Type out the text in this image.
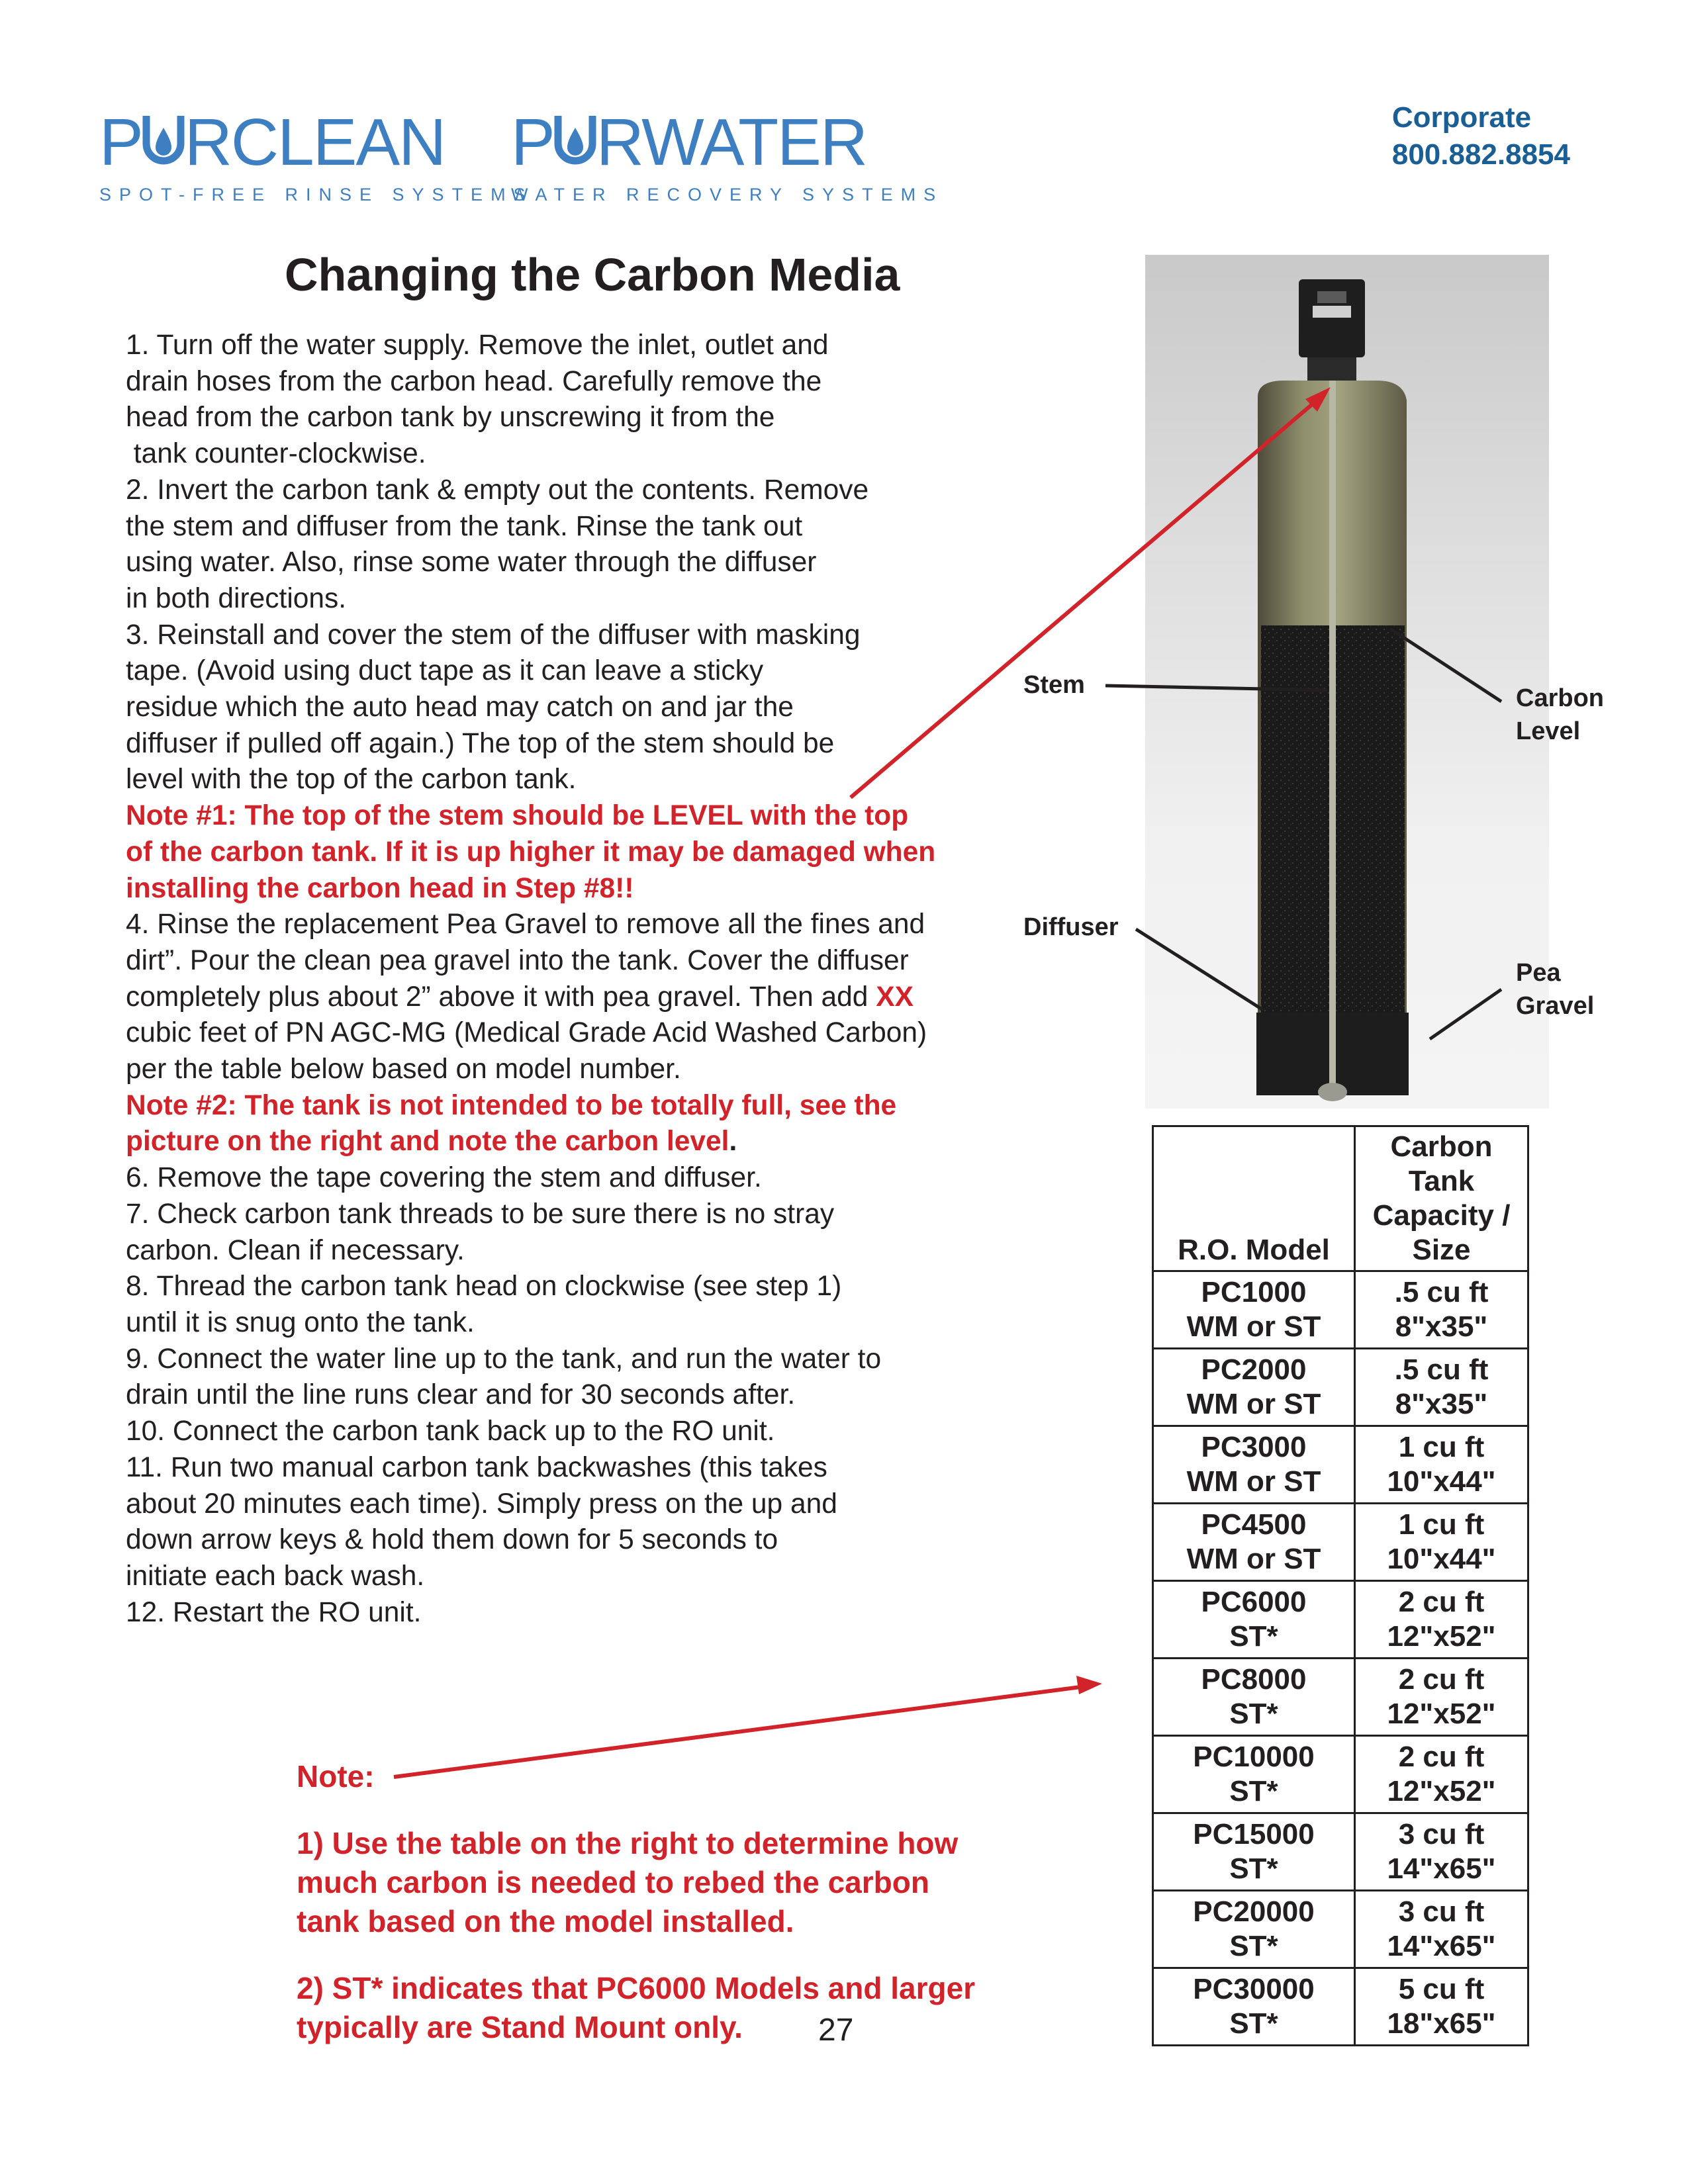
P RCLEAN
SPOT-FREE RINSE SYSTEMS
P RWATER
WATER RECOVERY SYSTEMS
Corporate
800.882.8854
Changing the Carbon Media

1. Turn off the water supply. Remove the inlet, outlet and

drain hoses from the carbon head. Carefully remove the

head from the carbon tank by unscrewing it from the

tank counter-clockwise.

2. Invert the carbon tank & empty out the contents. Remove

the stem and diffuser from the tank. Rinse the tank out

using water. Also, rinse some water through the diffuser

in both directions.

3. Reinstall and cover the stem of the diffuser with masking

tape. (Avoid using duct tape as it can leave a sticky

residue which the auto head may catch on and jar the

diffuser if pulled off again.) The top of the stem should be

level with the top of the carbon tank.

Note #1: The top of the stem should be LEVEL with the top

of the carbon tank. If it is up higher it may be damaged when

installing the carbon head in Step #8!!

4. Rinse the replacement Pea Gravel to remove all the fines and

dirt”. Pour the clean pea gravel into the tank. Cover the diffuser

completely plus about 2” above it with pea gravel. Then add XX

cubic feet of PN AGC-MG (Medical Grade Acid Washed Carbon)

per the table below based on model number.

Note #2: The tank is not intended to be totally full, see the

picture on the right and note the carbon level.

6. Remove the tape covering the stem and diffuser.

7. Check carbon tank threads to be sure there is no stray

carbon. Clean if necessary.

8. Thread the carbon tank head on clockwise (see step 1)

until it is snug onto the tank.

9. Connect the water line up to the tank, and run the water to

drain until the line runs clear and for 30 seconds after.

10. Connect the carbon tank back up to the RO unit.

11. Run two manual carbon tank backwashes (this takes

about 20 minutes each time). Simply press on the up and

down arrow keys & hold them down for 5 seconds to

initiate each back wash.

12. Restart the RO unit.

Stem
Diffuser
Carbon
Level
Pea
Gravel
R.O. Model	Carbon
Tank
Capacity /
Size

PC1000
WM or ST	.5 cu ft
8"x35"

PC2000
WM or ST	.5 cu ft
8"x35"

PC3000
WM or ST	1 cu ft
10"x44"

PC4500
WM or ST	1 cu ft
10"x44"

PC6000
ST*	2 cu ft
12"x52"

PC8000
ST*	2 cu ft
12"x52"

PC10000
ST*	2 cu ft
12"x52"

PC15000
ST*	3 cu ft
14"x65"

PC20000
ST*	3 cu ft
14"x65"

PC30000
ST*	5 cu ft
18"x65"

Note:

1) Use the table on the right to determine how

much carbon is needed to rebed the carbon

tank based on the model installed.

2) ST* indicates that PC6000 Models and larger

typically are Stand Mount only.	27
